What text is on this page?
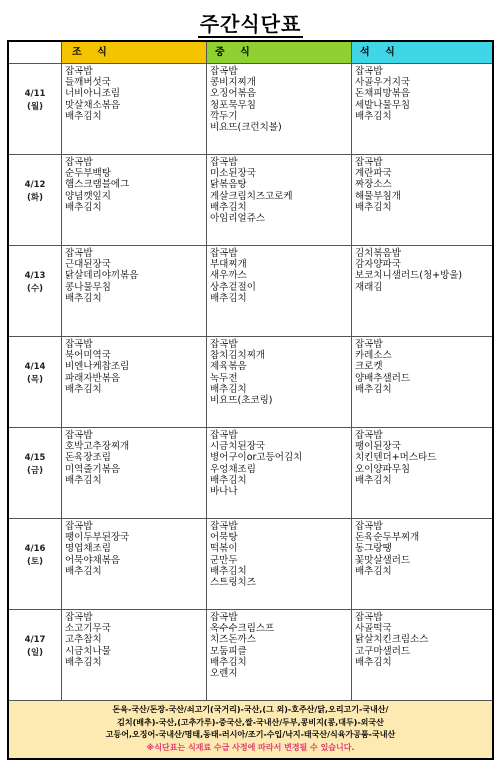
주간식단표
조 식	중 식	석 식
돈육-국산/돈장-국산/쇠고기(국거리)-국산,(그 외)-호주산/닭,오리고기-국내산/
김치(배추)-국산,(고추가루)-중국산,쌀-국내산/두부,콩비지(콩,대두)-외국산
고등어,오징어-국내산/명태,동태-러시아/조기-수입/낙지-태국산/식육가공품-국내산
※식단표는 식재료 수급 사정에 따라서 변경될 수 있습니다.
4/11
(월)
잡곡밥
들깨버섯국
너비아니조림
맛살채소볶음
배추김치
잡곡밥
콩비지찌개
오징어볶음
청포묵무침
깍두기
비요뜨(크런치볼)
잡곡밥
사골우거지국
돈채피망볶음
세발나물무침
배추김치
4/12
(화)
잡곡밥
순두부백탕
햄스크램블에그
양념깻잎지
배추김치
잡곡밥
미소된장국
닭볶음탕
게살크림치즈고로케
배추김치
아임리얼쥬스
잡곡밥
계란파국
짜장소스
해물부침개
배추김치
4/13
(수)
잡곡밥
근대된장국
닭살데리야끼볶음
콩나물무침
배추김치
잡곡밥
부대찌개
새우까스
상추겉절이
배추김치
김치볶음밥
감자양파국
보코치니샐러드(청+방울)
재래김
4/14
(목)
잡곡밥
북어미역국
비엔나케찹조림
파래자반볶음
배추김치
잡곡밥
참치김치찌개
제육볶음
녹두전
배추김치
비요뜨(초코링)
잡곡밥
카레소스
크로켓
양배추샐러드
배추김치
4/15
(금)
잡곡밥
호박고추장찌개
돈육장조림
미역줄기볶음
배추김치
잡곡밥
시금치된장국
병어구이or고등어김치
우엉채조림
배추김치
바나나
잡곡밥
팽이된장국
치킨텐더+머스타드
오이양파무침
배추김치
4/16
(토)
잡곡밥
팽이두부된장국
명엽채조림
어묵야채볶음
배추김치
잡곡밥
어묵탕
떡볶이
군만두
배추김치
스트링치즈
잡곡밥
돈육순두부찌개
동그랑땡
꽃맛살샐러드
배추김치
4/17
(일)
잡곡밥
소고기무국
고추참치
시금치나물
배추김치
잡곡밥
옥수수크림스프
치즈돈까스
모둠피클
배추김치
오렌지
잡곡밥
사골떡국
닭살치킨크림소스
고구마샐러드
배추김치
